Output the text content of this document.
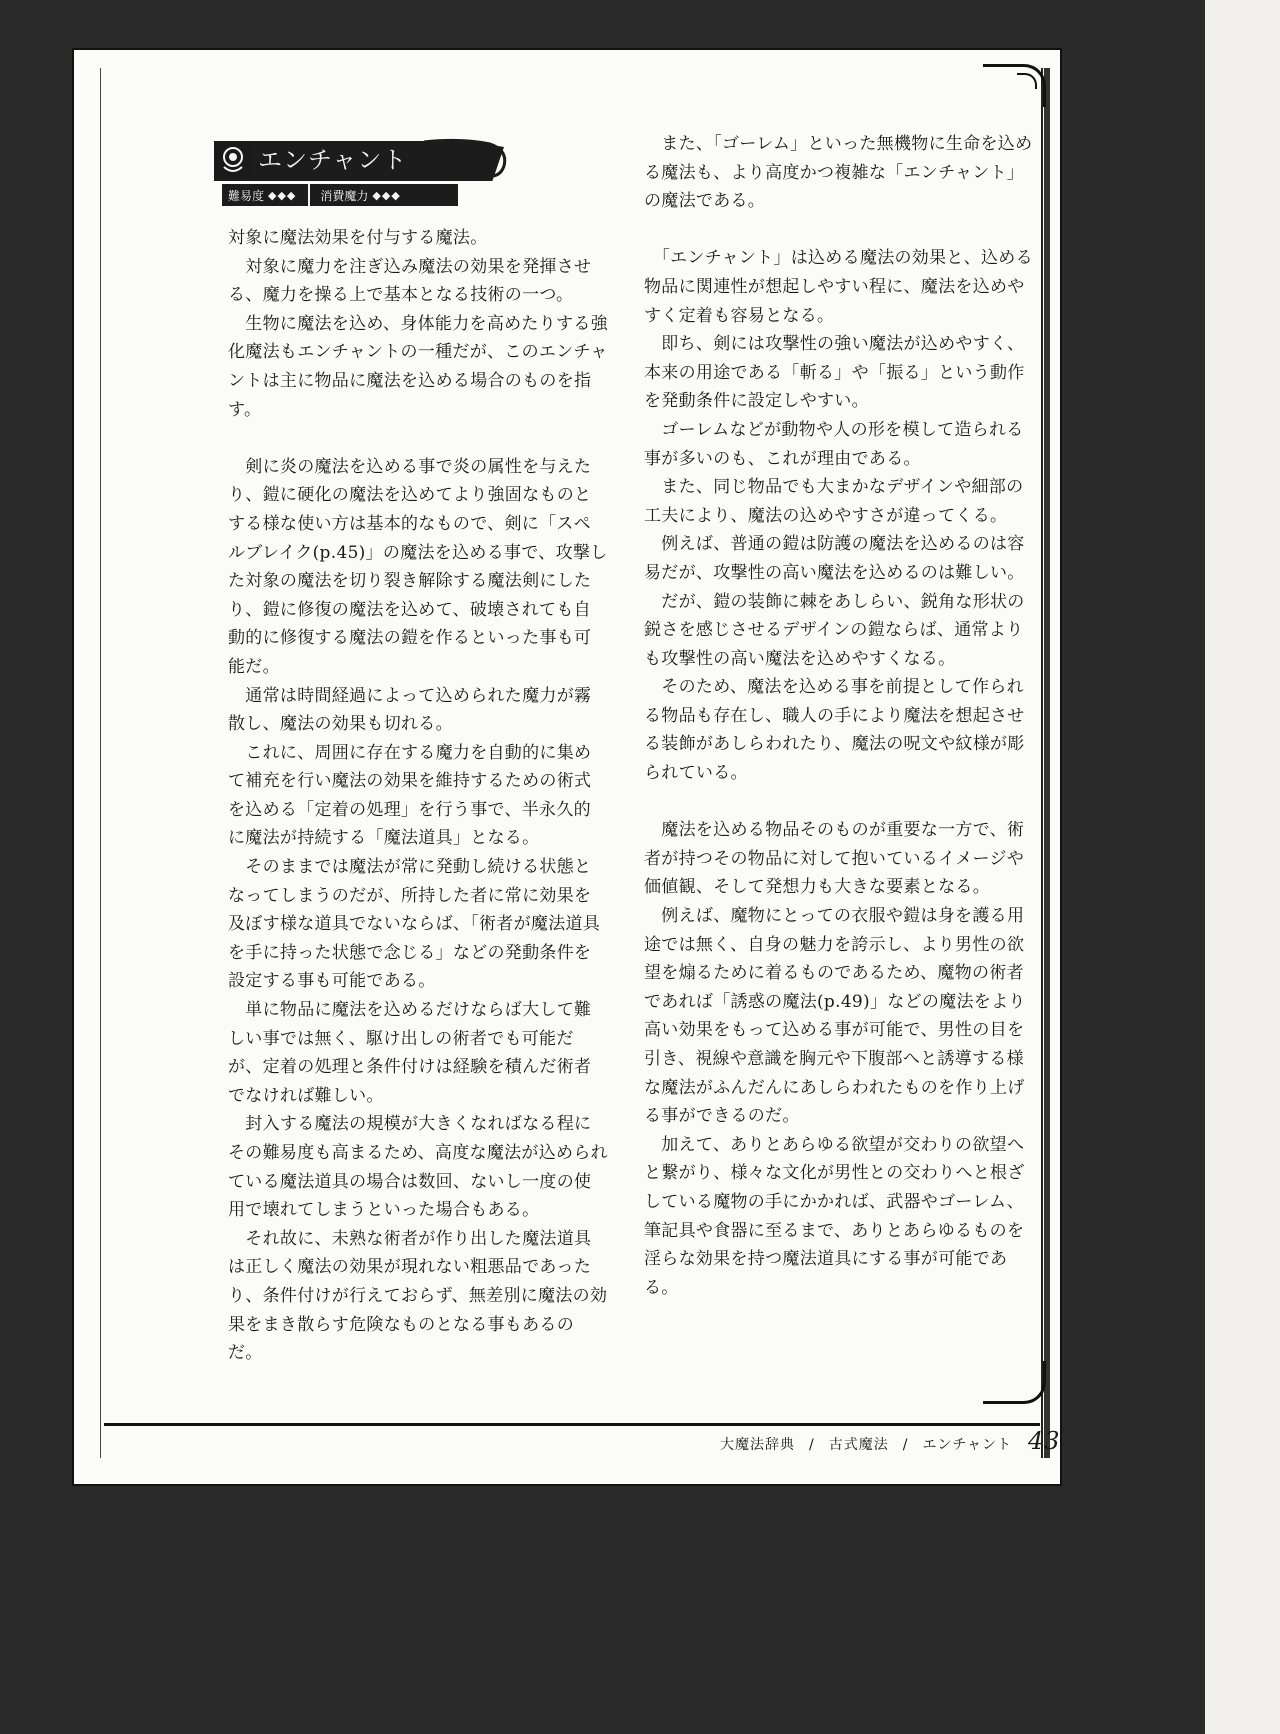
エンチャント
難易度 ◆◆◆	消費魔力 ◆◆◆

対象に魔法効果を付与する魔法。

　対象に魔力を注ぎ込み魔法の効果を発揮させる、魔力を操る上で基本となる技術の一つ。

　生物に魔法を込め、身体能力を高めたりする強化魔法もエンチャントの一種だが、このエンチャントは主に物品に魔法を込める場合のものを指す。

　剣に炎の魔法を込める事で炎の属性を与えたり、鎧に硬化の魔法を込めてより強固なものとする様な使い方は基本的なもので、剣に「スペルブレイク(p.45)」の魔法を込める事で、攻撃した対象の魔法を切り裂き解除する魔法剣にしたり、鎧に修復の魔法を込めて、破壊されても自動的に修復する魔法の鎧を作るといった事も可能だ。

　通常は時間経過によって込められた魔力が霧散し、魔法の効果も切れる。

　これに、周囲に存在する魔力を自動的に集めて補充を行い魔法の効果を維持するための術式を込める「定着の処理」を行う事で、半永久的に魔法が持続する「魔法道具」となる。

　そのままでは魔法が常に発動し続ける状態となってしまうのだが、所持した者に常に効果を及ぼす様な道具でないならば、「術者が魔法道具を手に持った状態で念じる」などの発動条件を設定する事も可能である。

　単に物品に魔法を込めるだけならば大して難しい事では無く、駆け出しの術者でも可能だが、定着の処理と条件付けは経験を積んだ術者でなければ難しい。

　封入する魔法の規模が大きくなればなる程にその難易度も高まるため、高度な魔法が込められている魔法道具の場合は数回、ないし一度の使用で壊れてしまうといった場合もある。

　それ故に、未熟な術者が作り出した魔法道具は正しく魔法の効果が現れない粗悪品であったり、条件付けが行えておらず、無差別に魔法の効果をまき散らす危険なものとなる事もあるのだ。

　また、「ゴーレム」といった無機物に生命を込める魔法も、より高度かつ複雑な「エンチャント」の魔法である。

　「エンチャント」は込める魔法の効果と、込める物品に関連性が想起しやすい程に、魔法を込めやすく定着も容易となる。

　即ち、剣には攻撃性の強い魔法が込めやすく、本来の用途である「斬る」や「振る」という動作を発動条件に設定しやすい。

　ゴーレムなどが動物や人の形を模して造られる事が多いのも、これが理由である。

　また、同じ物品でも大まかなデザインや細部の工夫により、魔法の込めやすさが違ってくる。

　例えば、普通の鎧は防護の魔法を込めるのは容易だが、攻撃性の高い魔法を込めるのは難しい。

　だが、鎧の装飾に棘をあしらい、鋭角な形状の鋭さを感じさせるデザインの鎧ならば、通常よりも攻撃性の高い魔法を込めやすくなる。

　そのため、魔法を込める事を前提として作られる物品も存在し、職人の手により魔法を想起させる装飾があしらわれたり、魔法の呪文や紋様が彫られている。

　魔法を込める物品そのものが重要な一方で、術者が持つその物品に対して抱いているイメージや価値観、そして発想力も大きな要素となる。

　例えば、魔物にとっての衣服や鎧は身を護る用途では無く、自身の魅力を誇示し、より男性の欲望を煽るために着るものであるため、魔物の術者であれば「誘惑の魔法(p.49)」などの魔法をより高い効果をもって込める事が可能で、男性の目を引き、視線や意識を胸元や下腹部へと誘導する様な魔法がふんだんにあしらわれたものを作り上げる事ができるのだ。

　加えて、ありとあらゆる欲望が交わりの欲望へと繋がり、様々な文化が男性との交わりへと根ざしている魔物の手にかかれば、武器やゴーレム、筆記具や食器に至るまで、ありとあらゆるものを淫らな効果を持つ魔法道具にする事が可能である。

大魔法辞典 / 古式魔法 / エンチャント 43
